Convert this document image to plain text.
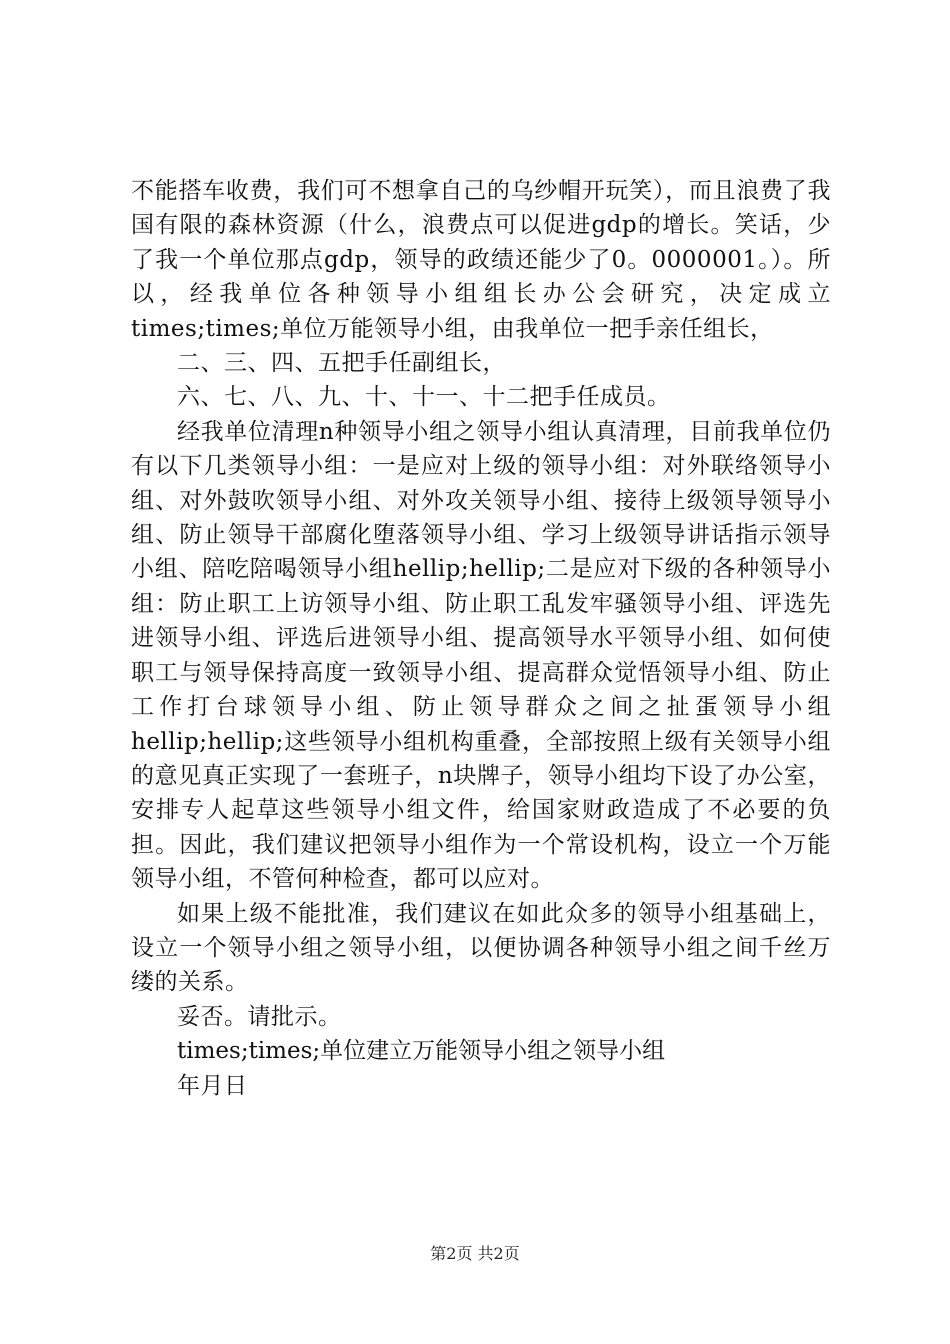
不能搭车收费，我们可不想拿自己的乌纱帽开玩笑），而且浪费了我国有限的森林资源（什么，浪费点可以促进gdp的增长。笑话，少了我一个单位那点gdp，领导的政绩还能少了0。0000001。）。所以，经我单位各种领导小组组长办公会研究，决定成立times;times;单位万能领导小组，由我单位一把手亲任组长，

二、三、四、五把手任副组长，

六、七、八、九、十、十一、十二把手任成员。

经我单位清理n种领导小组之领导小组认真清理，目前我单位仍有以下几类领导小组：一是应对上级的领导小组：对外联络领导小组、对外鼓吹领导小组、对外攻关领导小组、接待上级领导领导小组、防止领导干部腐化堕落领导小组、学习上级领导讲话指示领导小组、陪吃陪喝领导小组hellip;hellip;二是应对下级的各种领导小组：防止职工上访领导小组、防止职工乱发牢骚领导小组、评选先进领导小组、评选后进领导小组、提高领导水平领导小组、如何使职工与领导保持高度一致领导小组、提高群众觉悟领导小组、防止工作打台球领导小组、防止领导群众之间之扯蛋领导小组hellip;hellip;这些领导小组机构重叠，全部按照上级有关领导小组的意见真正实现了一套班子，n块牌子，领导小组均下设了办公室，安排专人起草这些领导小组文件，给国家财政造成了不必要的负担。因此，我们建议把领导小组作为一个常设机构，设立一个万能领导小组，不管何种检查，都可以应对。

如果上级不能批准，我们建议在如此众多的领导小组基础上，设立一个领导小组之领导小组，以便协调各种领导小组之间千丝万缕的关系。

妥否。请批示。

times;times;单位建立万能领导小组之领导小组

年月日

第2页 共2页
